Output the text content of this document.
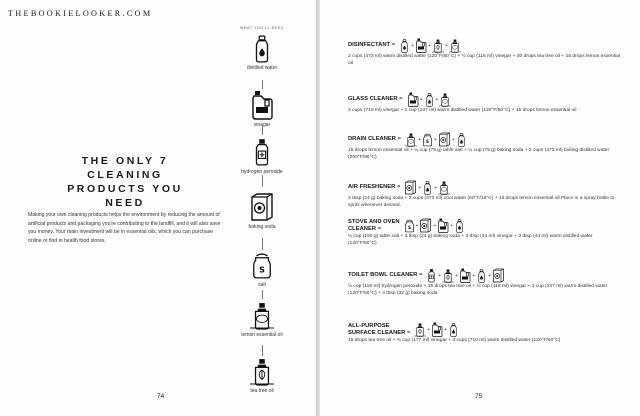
THEBOOKIELOOKER.COM
THE ONLY 7
CLEANING
PRODUCTS YOU
NEED

Making your own cleaning products helps the environment by reducing the amount of artificial products and packaging you're contributing to the landfill, and it will also save you money. Your main investment will be in essential oils, which you can purchase online or find in health food stores.

WHAT YOU'LL NEED
distilled water
vinegar
hydrogen peroxide
baking soda
salt
lemon essential oil
tea tree oil
74
DISINFECTANT =	+	+	+
2 cups (473 ml) warm distilled water (120°F/50°C) + ½ cup (118 ml) vinegar + 30 drops tea tree oil + 15 drops lemon essential oil
GLASS CLEANER =	+	+
3 cups (710 ml) vinegar + 1 cup (237 ml) warm distilled water (120°F/50°C) + 15 drops lemon essential oil
DRAIN CLEANER =	+	+	+
15 drops lemon essential oil + ¼ cup (75 g) table salt + ¼ cup (75 g) baking soda + 2 cups (473 ml) boiling distilled water (200°F/90°C)
AIR FRESHENER =	+	+
3 tbsp (24 g) baking soda + 2 cups (473 ml) cool water (60°F/16°C) + 15 drops lemon essential oil Place in a spray bottle to spritz whenever desired.
STOVE AND OVEN
CLEANER =	+	+	+
¼ cup (150 g) table salt + 3 tbsp (24 g) baking soda + 3 tbsp (44 ml) vinegar + 3 tbsp (44 ml) warm distilled water (120°F/50°C)
TOILET BOWL CLEANER =	+	+	+	+
½ cup (118 ml) hydrogen peroxide + 15 drops tea tree oil + ½ cup (118 ml) vinegar + 1 cup (237 ml) warm distilled water (120°F/50°C) + 4 tbsp (32 g) baking soda
ALL-PURPOSE
SURFACE CLEANER =	+	+
15 drops tea tree oil + ¾ cup (177 ml) vinegar + 3 cups (710 ml) warm distilled water (120°F/50°C)
75
